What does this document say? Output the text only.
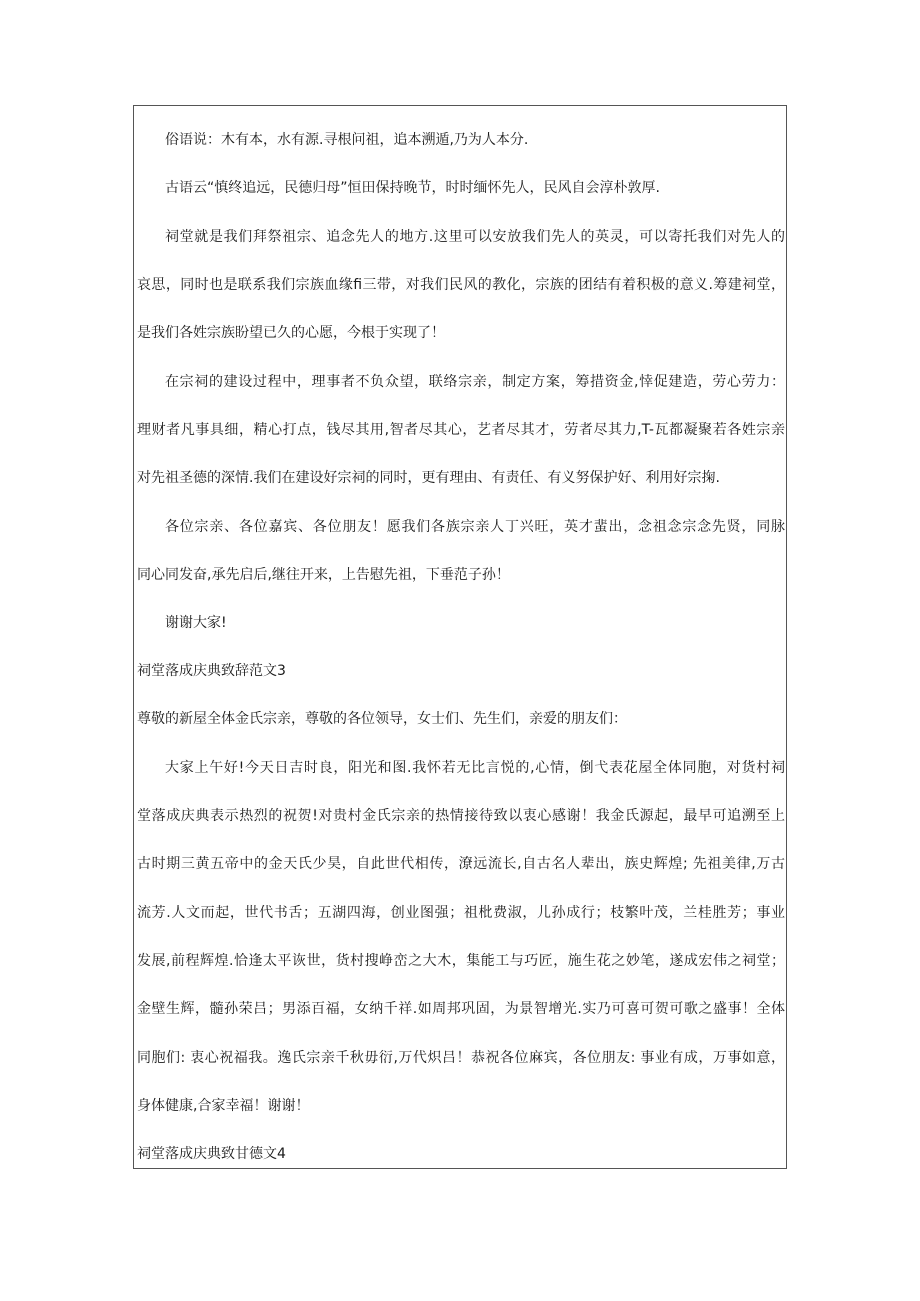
俗语说：木有本，水有源.寻根问祖，追本溯遁,乃为人本分.
古语云“慎终追远，民德归母”恒田保持晚节，时时缅怀先人，民风自会淳朴敦厚.
祠堂就是我们拜祭祖宗、追念先人的地方.这里可以安放我们先人的英灵，可以寄托我们对先人的
哀思，同时也是联系我们宗族血缘fi三带，对我们民风的教化，宗族的团结有着积极的意义.筹建祠堂，
是我们各姓宗族盼望已久的心愿，今根于实现了！
在宗祠的建设过程中，理事者不负众望，联络宗亲，制定方案，筹措资金,悻促建造，劳心劳力：
理财者凡事具细，精心打点，钱尽其用,智者尽其心，艺者尽其才，劳者尽其力,T-瓦都凝聚若各姓宗亲
对先祖圣德的深情.我们在建设好宗祠的同时，更有理由、有责任、有义努保护好、利用好宗掬.
各位宗亲、各位嘉宾、各位朋友！愿我们各族宗亲人丁兴旺，英才蜚出，念祖念宗念先贤，同脉
同心同发奋,承先启后,继往开来，上告慰先祖，下垂范子孙！
谢谢大家!
祠堂落成庆典致辞范文3
尊敬的新屋全体金氏宗亲，尊敬的各位领导，女士们、先生们，亲爱的朋友们：
大家上午好!今天日吉时良，阳光和图.我怀若无比言悦的,心情，倒弋表花屋全体同胞，对货村祠
堂落成庆典表示热烈的祝贺!对贵村金氏宗亲的热情接待致以衷心感谢！我金氏源起，最早可追溯至上
古时期三黄五帝中的金天氏少昊，自此世代相传，潦远流长,自古名人辈出，族史辉煌; 先祖美律,万古
流芳.人文而起，世代书舌；五湖四海，创业图强；祖枇费淑，儿孙成行；枝繁叶茂，兰桂胜芳；事业
发展,前程辉煌.恰逢太平诙世，货村搜峥峦之大木，集能工与巧匠，施生花之妙笔，遂成宏伟之祠堂；
金壁生辉，髓孙荣吕；男添百福，女纳千祥.如周邦巩固，为景智增光.实乃可喜可贺可歌之盛事！全体
同胞们: 衷心祝福我。逸氏宗亲千秋毋衍,万代炽吕！恭祝各位麻宾，各位朋友: 事业有成，万事如意，
身体健康,合家幸福！谢谢！
祠堂落成庆典致甘德文4
